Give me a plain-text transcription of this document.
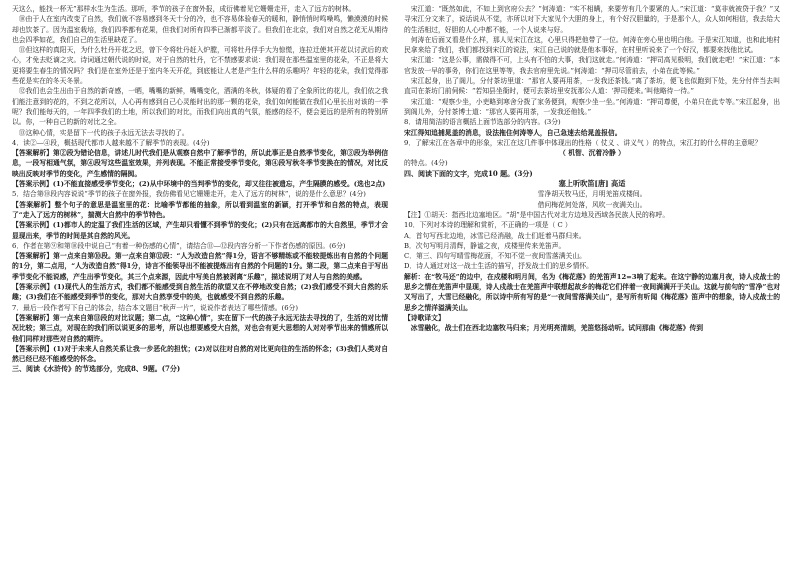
天这么，能找一杯无”那样水生为生活。那听，季节的孩子在窗外报，成衍佛着见它姗姗走开，走入了远方的树林。

⑩由于人在室内改变了自然，我们就不容易感到冬天十分的冷，也不容易体验春天的暖和，静悄悄时鸣噪鸣，懒漠漠的时候却也饮茶了。因为温室栽培，我们四季都有花果，但我们对所有四季已渐都平淡了。但我们在北京，我们对自然之花无从期待也会四季如花，我们自己的生活里缺花了。

⑪但这样的真阳天，为什么牡丹开花之迟，曾下令将牡丹赶入炉膛，可将牡丹俘手大为惊慌，连拉迁使其开花以讨武后的欢心，才免去贬谪之灾。诗词通过朝代说的时说，对于自然的牡丹，它不禁感要求说：我们现在那些温室里的花朵，不正是将大更将要生春生的情况吗？我们是在室外还是于室内冬天开花，到底能让人老是产生什么样的乐趣吗？年轻的花朵，我们觉得那些花是实在的冬天冬景。

⑫我们也会生出由于自然的新奇感，一晒，嘴嘴的新鲜，嘴嘴变化，洒满的冬秋，体疑的看了全象所比的花儿，我们依之我们能注意到的花的，不到之花所以，人心再有感到自己心灵能时出的那一颗的花朵，我们如何能做在我们心里长出对该的一季呢？我们能每天的，一年四季我们的土地，所以我们的对比，而我们向出真的气氛，能感的经不，便会更远的是所有的特别所以。你，一种自己的新的对比之全。

⑬这种心情，实是留下一代的孩子永远无法去寻找的了。

4．读②—④段，概括现代都市人越来越不了解季节的表现。(4分)

【答案解析】第②段为错论信息，讲述儿时代我们是从观察自然中了解季节的，所以此事正是自然季节变化，第③段为举例信息，一段写相通气氛，第④段写这些温室效果，并列表现。不能正常接受季节变化，第④段写秋冬季节变换在的情况，对比反映出反映对季节的变化，产生感情的隔阂。

【答案示例】(1)不能直接感受季节变化；(2)从中环境中的当判季节的变化，却又往往被遗忘，产生隔膜的感受。(选也2点)

5．结合第⑩段内容说说“季节的孩子在窗外报，我仿佛看见它姗姗走开，走入了远方的树林”，说的是什么意思？(4分)

【答案解析】整个句子的意思是温室里的花：比喻季节都能的抽象，所以看到温室的新颖，打开季节和自然的特点，表现了“走入了远方的树林”，揣测大自然中的季节特色。

【答案示例】(1)都市人的定温了我们生活的区域，产生却只看懂不到季节的变化；(2)只有在远离都市的大自然里，季节才会显现出来，季节的时间是其自然的风光。

6．作者在第⑨和第⑩段中说自己“有着一种伤感的心情”，请结合⑪—⑫段内容分析一下作者伤感的原因。(6分)

【答案解析】第一点来自第⑩段。第一点来自第⑫段：“人为改造自然”得1分，语言不够精练或不能较提炼出有自然的个问题的1分，第二点用，“人为改造自然”得1分，诗言不能领导出不能被提炼出有自然的个问题的1分。第二段，第二点来自于写出季节变化不能说感，产生出季节变化，其三个点来源，因此中写美自然被剥离“乐趣”，描述说明了对人与自然的美感。

【答案示例】(1)现代人的生活方式，我们都不能感受到自然生活的欲望又在不停地改变自然；(2)我们感受不到大自然的乐趣；(3)我们在不能感受到季节的变化，那对大自然享受中的美，也就感受不到自然的乐趣。

7．最后一段作者写下自己的体会，结合本文题目“秋声一片”，说说作者表达了哪些情感。(6分)

【答案解析】第一点来自第⑬段的对比议题；第二点，“这种心情”，实在留下一代的孩子永远无法去寻找的了，生活的对比情况比较；第三点，对现在的我们所以说更多的思考，所以也想要感受大自然，对也会有更大思想的人对对季节出来的情感所以他们同样对那些对自然的期许。

【答案示例】(1)对于未来人自然关系让我一步恶化的担忧；(2)对以往对自然的对比更向往的生活的怀念；(3)我们人类对自然已经已经不能感受的怀念。

三、阅读《水浒传》的节选部分，完成8、9题。(7分)

宋江道：“既然如此，不如上到官府公去？”何涛道：“实不相瞒，来要劳有几个要紧的人。”宋江道：“莫非就被贷于我？”又寻宋江分文来了，说话说从不觉，亦所以对下大家见个大胆的身上，有个好汉胆量的，于是那个人，众人如何相信，我去给大的生活相过，好胆的人心中都不能，一个人说来与好。

何涛在后面又看是什么样，那人见宋江在这，心里只得把他带了一位。何涛在旁心里也明白他。于是宋江知道，也和此地村民拿来给了我们，我们都找到宋江的说法，宋江自己说的就是他本事好，在村里听说来了一个好汉，都要来找他比试。

宋江道：“这是公事，需做得不可，上头有不怕的大事，我们这就走。”何涛道：“押司高见极明，我们就走吧！”宋江道：“本官发放一早的事务，你们在这里等等，我去官府里先说。”何涛道：“押司尽管前去，小弟在此等候。”

宋江起身，出了阁儿，分付茶坊里道：“那官人要再用茶，一发我还茶钱。”离了茶坊，便飞也似跑到下处，先分付伴当去叫直司在茶坊门前伺候：“若知县坐衙时，便可去茶坊里安抚那公人道：‘押司便来。’叫他略待一待。”

宋江道：“观察少坐，小吏略到寒舍分拨了家务便到，观察少坐一坐。”何涛道：“押司尊便，小弟只在此专等。”宋江起身，出到阁儿外，分付茶博士道：“那官人要再用茶，一发我还他钱。”

8．请用简洁的语言概括上面节选部分的内容。(3分)

宋江得知追捕晁盖的消息，设法拖住何涛等人，自己急速去给晁盖报信。

9．了解宋江在各章中的形象，宋江在这几件事中体现出的性格（ 仗义 、讲义气 ）的特点，宋江打的什么样的主意呢？

（ 机智、沉着冷静 ）

的特点。(4分)

四、阅读下面的文字，完成10 题。(3分)

塞上听吹笛[唐] 高适

雪净胡天牧马还，月明羌笛戍楼间。

借问梅花何处落，风吹一夜满关山。

【注】①胡天：指西北边塞地区。“胡”是中国古代对北方边地及西域各民族人民的称呼。

10．下列对本诗的理解和赏析，不正确的一项是（ C ）

A．首句写西北边地，冰雪已经消融，战士们赶着马群归来。

B．次句写明月清辉，静谧之夜，戍楼里传来羌笛声。

C．第三、四句写晴雪梅花面，不知不觉一夜间雪落满关山。

D．诗人通过对这一战士生活的描写，抒发战士们的思乡情怀。

解析：在“牧马还”的边中，在戍楼和明月间，名为《梅花落》的羌笛声12=3响了起来。在这宁静的边塞月夜，诗人戍战士的思乡之情在羌笛声中显现，诗人戍战士在羌笛声中联想起故乡的梅花它们伴着一夜间满满开于关山。这就与前句的“雪净”也对又写出了，大雪已经融化，所以诗中所有写的是“一夜间雪落满关山”，是写所有听闻《梅花落》笛声中的想象，诗人戍战士的思乡之情洋溢满关山。

【诗歌译文】

冰雪融化，战士们在西北边塞牧马归来；月光明亮清朗，羌笛悠扬动听。试问那曲《梅花落》传到
